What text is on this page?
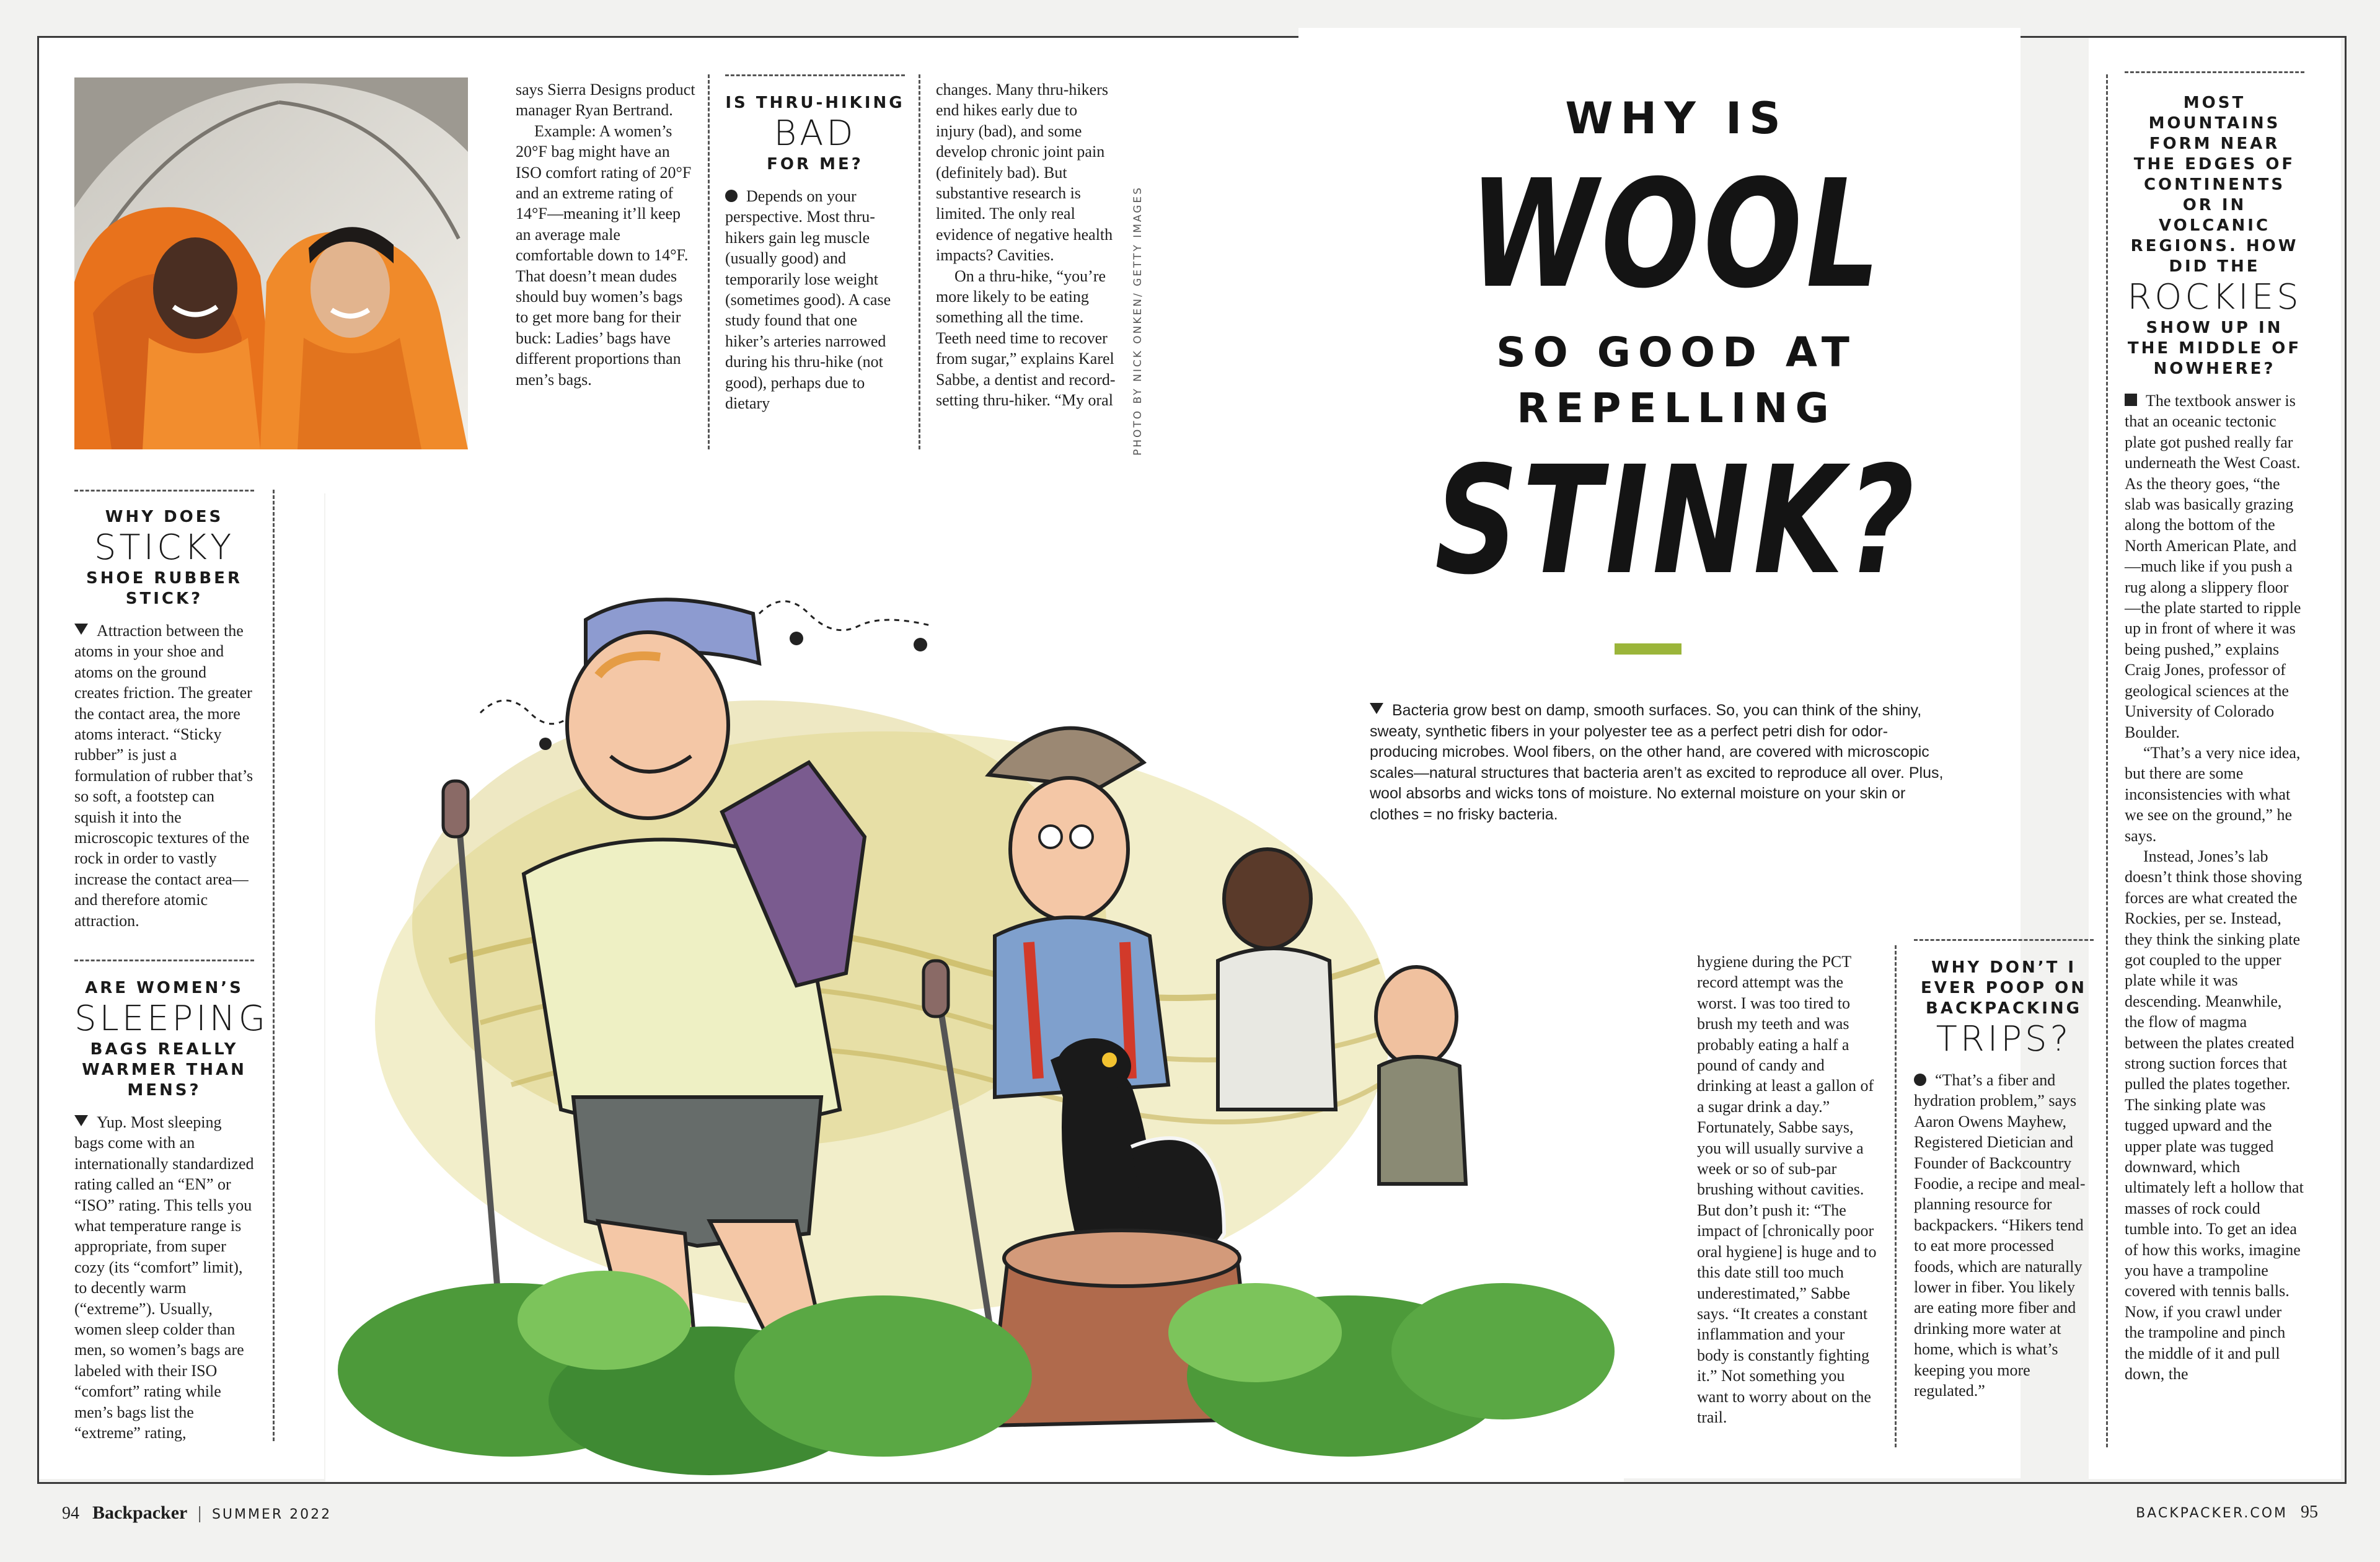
says Sierra Designs product manager Ryan Bertrand.

Example: A women’s 20°F bag might have an ISO comfort rating of 20°F and an extreme rating of 14°F—meaning it’ll keep an average male comfortable down to 14°F. That doesn’t mean dudes should buy women’s bags to get more bang for their buck: Ladies’ bags have different proportions than men’s bags.

IS THRU-HIKING
BAD
FOR ME?

Depends on your perspective. Most thru-hikers gain leg muscle (usually good) and temporarily lose weight (sometimes good). A case study found that one hiker’s arteries narrowed during his thru-hike (not good), perhaps due to dietary

changes. Many thru-hikers end hikes early due to injury (bad), and some develop chronic joint pain (definitely bad). But substantive research is limited. The only real evidence of negative health impacts? Cavities.

On a thru-hike, “you’re more likely to be eating something all the time. Teeth need time to recover from sugar,” explains Karel Sabbe, a dentist and record-setting thru-hiker. “My oral PHOTO BY NICK ONKEN/ GETTY IMAGES
WHY DOES
STICKY
SHOE RUBBER STICK?

Attraction between the atoms in your shoe and atoms on the ground creates friction. The greater the contact area, the more atoms interact. “Sticky rubber” is just a formulation of rubber that’s so soft, a footstep can squish it into the microscopic textures of the rock in order to vastly increase the contact area—and therefore atomic attraction.

ARE WOMEN’S
SLEEPING
BAGS REALLY WARMER THAN MENS?

Yup. Most sleeping bags come with an internationally standardized rating called an “EN” or “ISO” rating. This tells you what temperature range is appropriate, from super cozy (its “comfort” limit), to decently warm (“extreme”). Usually, women sleep colder than men, so women’s bags are labeled with their ISO “comfort” rating while men’s bags list the “extreme” rating,

WHY IS
WOOL
SO GOOD AT
REPELLING
STINK?
Bacteria grow best on damp, smooth surfaces. So, you can think of the shiny, sweaty, synthetic fibers in your polyester tee as a perfect petri dish for odor-producing microbes. Wool fibers, on the other hand, are covered with microscopic scales—natural structures that bacteria aren’t as excited to reproduce all over. Plus, wool absorbs and wicks tons of moisture. No external moisture on your skin or clothes = no frisky bacteria.

hygiene during the PCT record attempt was the worst. I was too tired to brush my teeth and was probably eating a half a pound of candy and drinking at least a gallon of a sugar drink a day.” Fortunately, Sabbe says, you will usually survive a week or so of sub-par brushing without cavities. But don’t push it: “The impact of [chronically poor oral hygiene] is huge and to this date still too much underestimated,” Sabbe says. “It creates a constant inflammation and your body is constantly fighting it.” Not something you want to worry about on the trail.

WHY DON’T I EVER POOP ON BACKPACKING
TRIPS?

“That’s a fiber and hydration problem,” says Aaron Owens Mayhew, Registered Dietician and Founder of Backcountry Foodie, a recipe and meal-planning resource for backpackers. “Hikers tend to eat more processed foods, which are naturally lower in fiber. You likely are eating more fiber and drinking more water at home, which is what’s keeping you more regulated.”

MOST MOUNTAINS FORM NEAR THE EDGES OF CONTINENTS OR IN VOLCANIC REGIONS. HOW DID THE
ROCKIES
SHOW UP IN THE MIDDLE OF NOWHERE?

The textbook answer is that an oceanic tectonic plate got pushed really far underneath the West Coast. As the theory goes, “the slab was basically grazing along the bottom of the North American Plate, and—much like if you push a rug along a slippery floor—the plate started to ripple up in front of where it was being pushed,” explains Craig Jones, professor of geological sciences at the University of Colorado Boulder.

“That’s a very nice idea, but there are some inconsistencies with what we see on the ground,” he says.

Instead, Jones’s lab doesn’t think those shoving forces are what created the Rockies, per se. Instead, they think the sinking plate got coupled to the upper plate while it was descending. Meanwhile, the flow of magma between the plates created strong suction forces that pulled the plates together. The sinking plate was tugged upward and the upper plate was tugged downward, which ultimately left a hollow that masses of rock could tumble into. To get an idea of how this works, imagine you have a trampoline covered with tennis balls. Now, if you crawl under the trampoline and pinch the middle of it and pull down, the

94 Backpacker | SUMMER 2022	BACKPACKER.COM 95
